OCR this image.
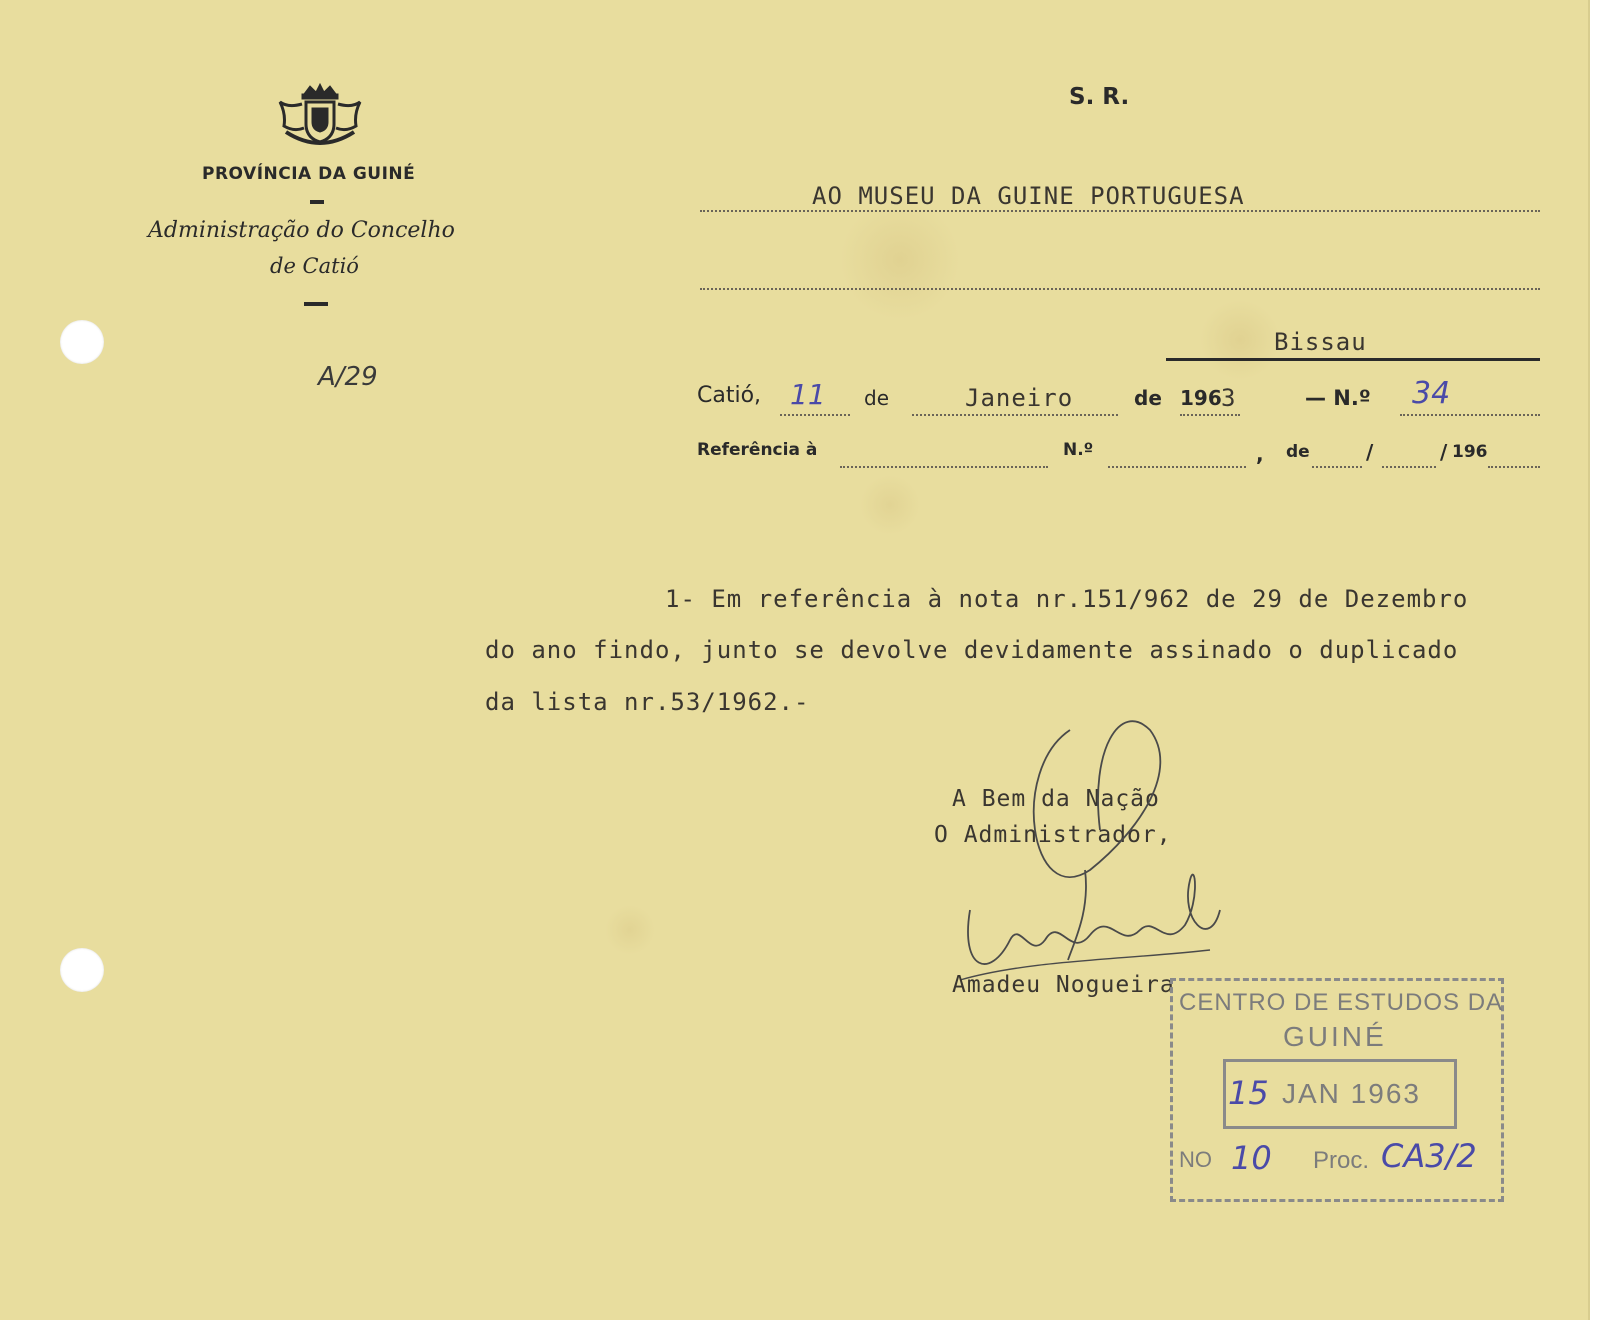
PROVÍNCIA DA GUINÉ
Administração do Concelho
de Catió
A/29
S. R.
AO MUSEU DA GUINE PORTUGUESA
Bissau
Catió, 11 de	Janeiro	de 196 3	— N.º 34
Referência à	N.º	, de	/	/ 196
1- Em referência à nota nr.151/962 de 29 de Dezembro
do ano findo, junto se devolve devidamente assinado o duplicado
da lista nr.53/1962.-
A Bem da Nação
O Administrador,
Amadeu Nogueira
CENTRO DE ESTUDOS DA
GUINÉ
15 JAN 1963
NO 10 Proc. CA3/2
